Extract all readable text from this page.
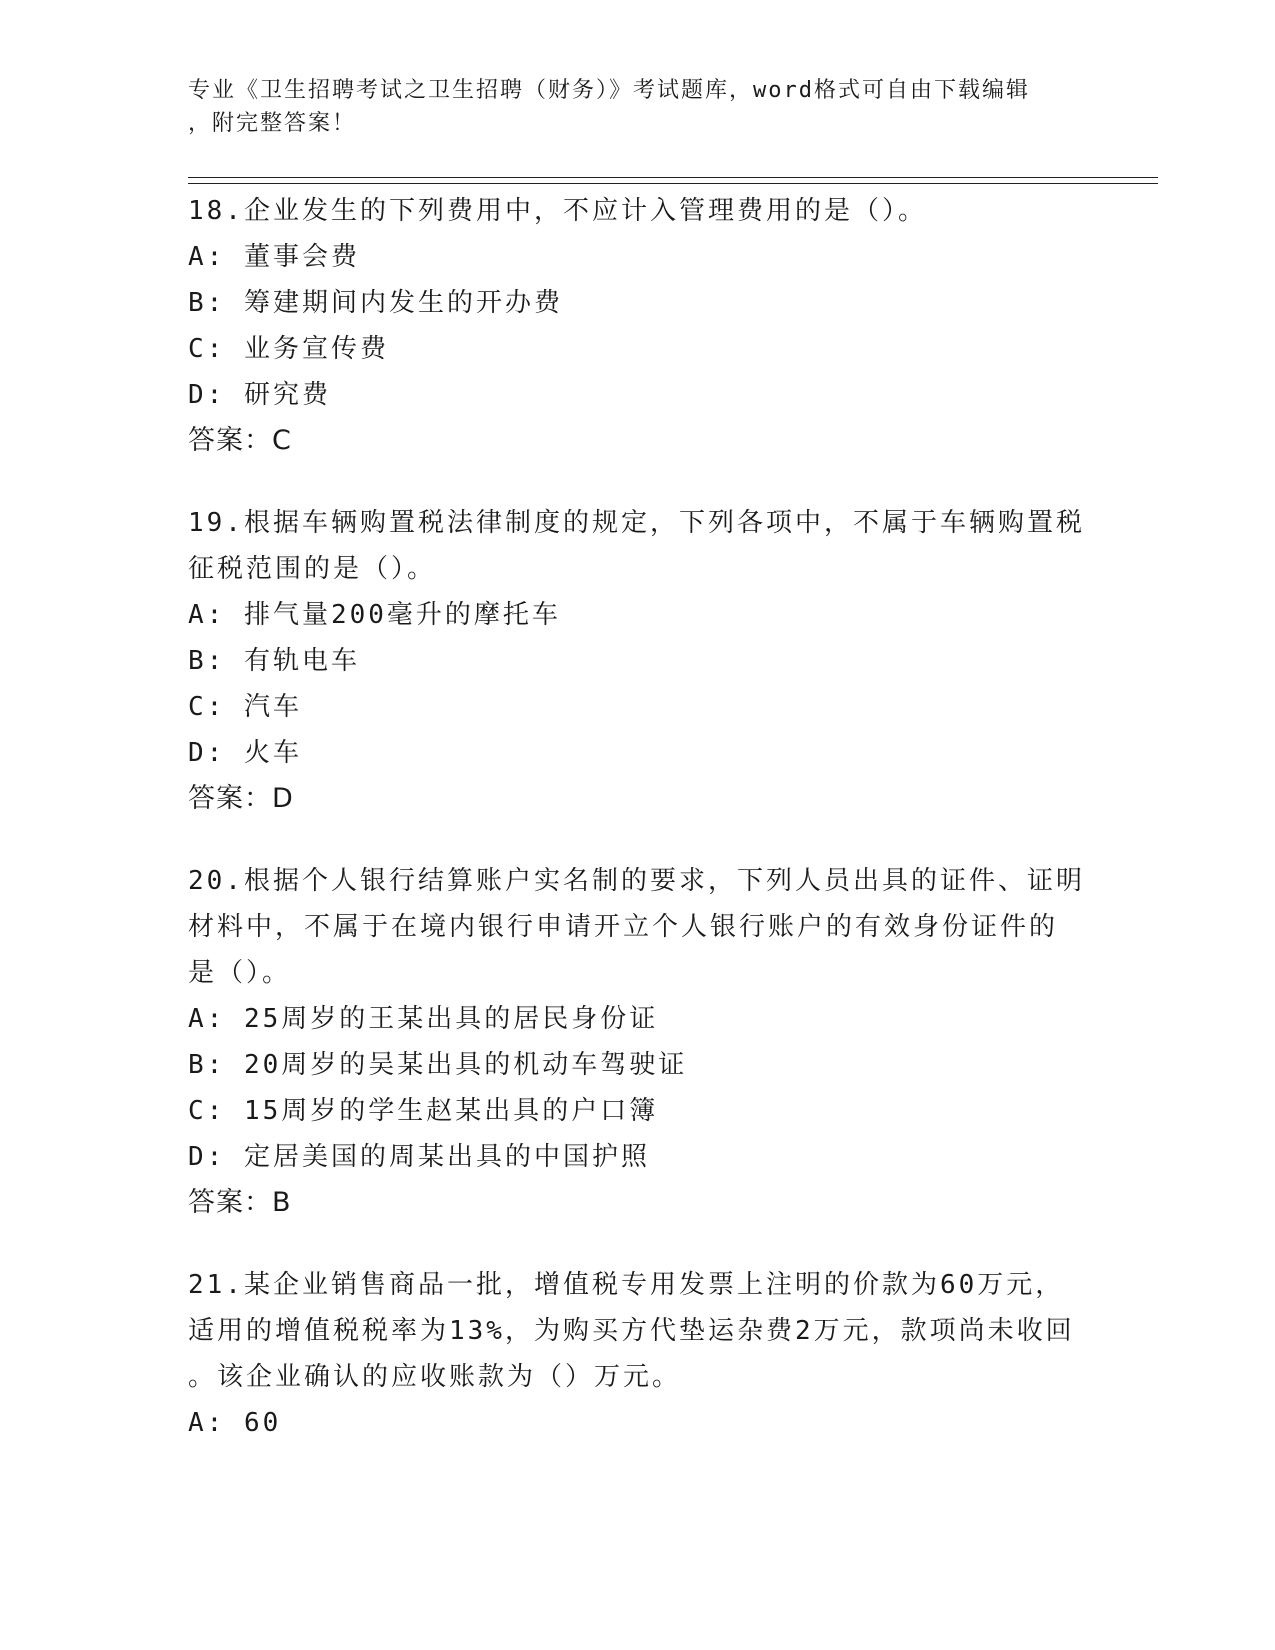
专业《卫生招聘考试之卫生招聘（财务）》考试题库，word格式可自由下载编辑
，附完整答案！
18.企业发生的下列费用中，不应计入管理费用的是（）。
A: 董事会费
B: 筹建期间内发生的开办费
C: 业务宣传费
D: 研究费
答案：C
19.根据车辆购置税法律制度的规定，下列各项中，不属于车辆购置税
征税范围的是（）。
A: 排气量200毫升的摩托车
B: 有轨电车
C: 汽车
D: 火车
答案：D
20.根据个人银行结算账户实名制的要求，下列人员出具的证件、证明
材料中，不属于在境内银行申请开立个人银行账户的有效身份证件的
是（）。
A: 25周岁的王某出具的居民身份证
B: 20周岁的吴某出具的机动车驾驶证
C: 15周岁的学生赵某出具的户口簿
D: 定居美国的周某出具的中国护照
答案：B
21.某企业销售商品一批，增值税专用发票上注明的价款为60万元，
适用的增值税税率为13%，为购买方代垫运杂费2万元，款项尚未收回
。该企业确认的应收账款为（）万元。
A: 60
